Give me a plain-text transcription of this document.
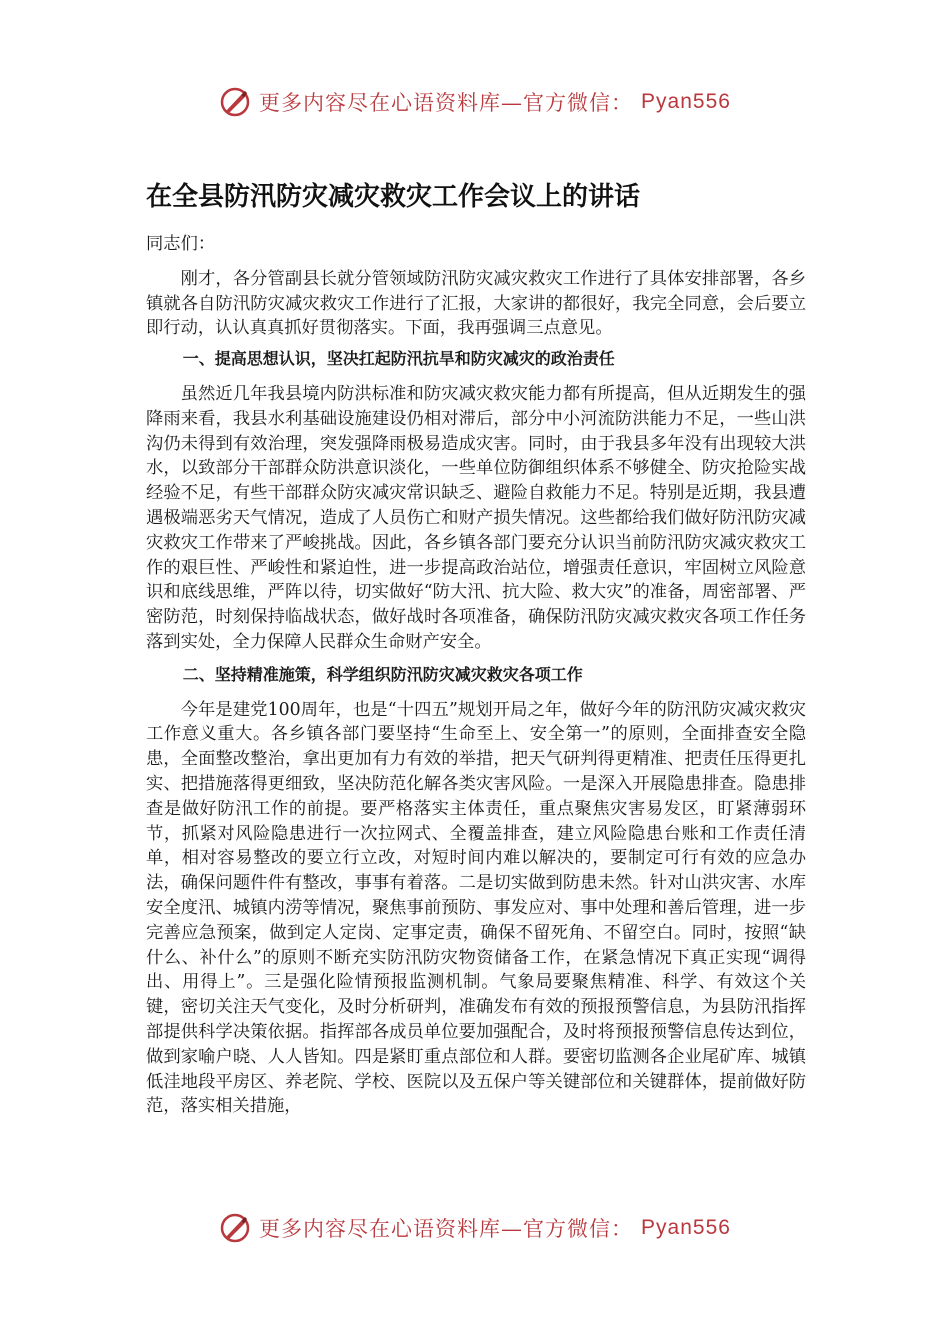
更多内容尽在心语资料库—官方微信： Pyan556
在全县防汛防灾减灾救灾工作会议上的讲话

同志们：

刚才，各分管副县长就分管领域防汛防灾减灾救灾工作进行了具体安排部署，各乡镇就各自防汛防灾减灾救灾工作进行了汇报，大家讲的都很好，我完全同意，会后要立即行动，认认真真抓好贯彻落实。下面，我再强调三点意见。

一、提高思想认识，坚决扛起防汛抗旱和防灾减灾的政治责任

虽然近几年我县境内防洪标准和防灾减灾救灾能力都有所提高，但从近期发生的强降雨来看，我县水利基础设施建设仍相对滞后，部分中小河流防洪能力不足，一些山洪沟仍未得到有效治理，突发强降雨极易造成灾害。同时，由于我县多年没有出现较大洪水，以致部分干部群众防洪意识淡化，一些单位防御组织体系不够健全、防灾抢险实战经验不足，有些干部群众防灾减灾常识缺乏、避险自救能力不足。特别是近期，我县遭遇极端恶劣天气情况，造成了人员伤亡和财产损失情况。这些都给我们做好防汛防灾减灾救灾工作带来了严峻挑战。因此，各乡镇各部门要充分认识当前防汛防灾减灾救灾工作的艰巨性、严峻性和紧迫性，进一步提高政治站位，增强责任意识，牢固树立风险意识和底线思维，严阵以待，切实做好“防大汛、抗大险、救大灾”的准备，周密部署、严密防范，时刻保持临战状态，做好战时各项准备，确保防汛防灾减灾救灾各项工作任务落到实处，全力保障人民群众生命财产安全。

二、坚持精准施策，科学组织防汛防灾减灾救灾各项工作

今年是建党100周年，也是“十四五”规划开局之年，做好今年的防汛防灾减灾救灾工作意义重大。各乡镇各部门要坚持“生命至上、安全第一”的原则，全面排查安全隐患，全面整改整治，拿出更加有力有效的举措，把天气研判得更精准、把责任压得更扎实、把措施落得更细致，坚决防范化解各类灾害风险。一是深入开展隐患排查。隐患排查是做好防汛工作的前提。要严格落实主体责任，重点聚焦灾害易发区，盯紧薄弱环节，抓紧对风险隐患进行一次拉网式、全覆盖排查，建立风险隐患台账和工作责任清单，相对容易整改的要立行立改，对短时间内难以解决的，要制定可行有效的应急办法，确保问题件件有整改，事事有着落。二是切实做到防患未然。针对山洪灾害、水库安全度汛、城镇内涝等情况，聚焦事前预防、事发应对、事中处理和善后管理，进一步完善应急预案，做到定人定岗、定事定责，确保不留死角、不留空白。同时，按照“缺什么、补什么”的原则不断充实防汛防灾物资储备工作，在紧急情况下真正实现“调得出、用得上”。三是强化险情预报监测机制。气象局要聚焦精准、科学、有效这个关键，密切关注天气变化，及时分析研判，准确发布有效的预报预警信息，为县防汛指挥部提供科学决策依据。指挥部各成员单位要加强配合，及时将预报预警信息传达到位，做到家喻户晓、人人皆知。四是紧盯重点部位和人群。要密切监测各企业尾矿库、城镇低洼地段平房区、养老院、学校、医院以及五保户等关键部位和关键群体，提前做好防范，落实相关措施，

更多内容尽在心语资料库—官方微信： Pyan556
